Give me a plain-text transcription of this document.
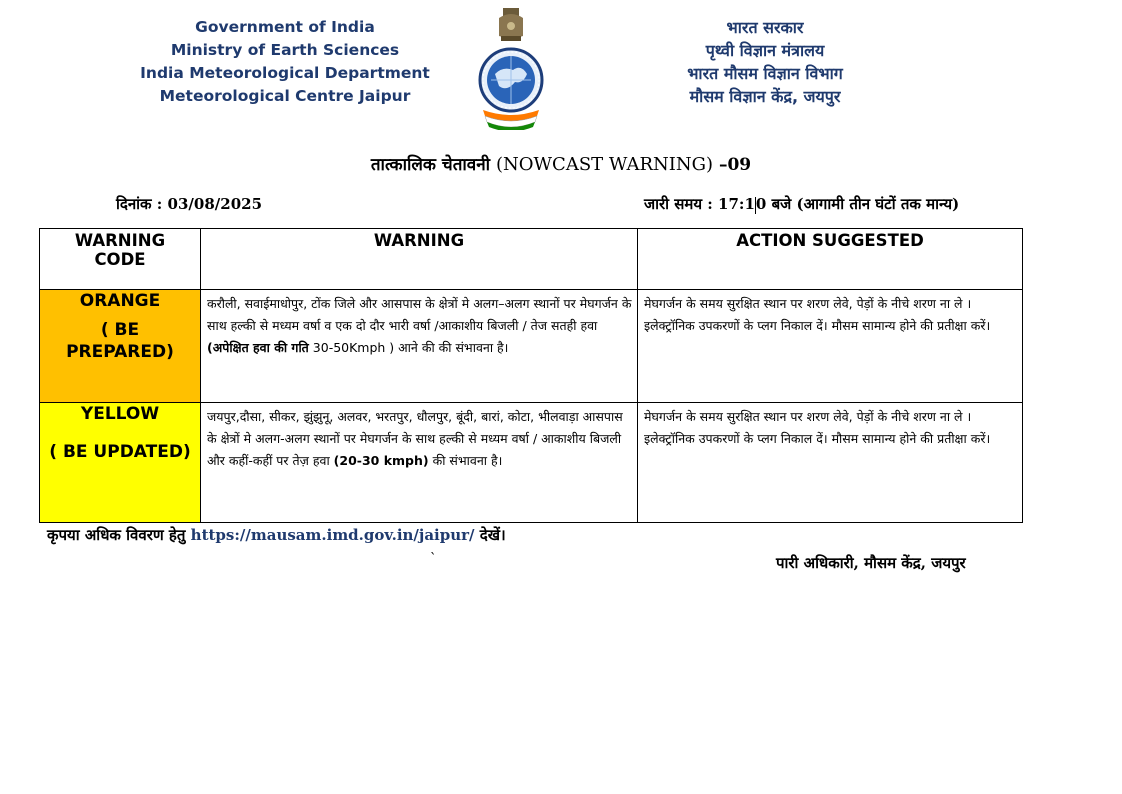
Government of India
Ministry of Earth Sciences
India Meteorological Department
Meteorological Centre Jaipur
भारत सरकार
पृथ्वी विज्ञान मंत्रालय
भारत मौसम विज्ञान विभाग
मौसम विज्ञान केंद्र, जयपुर
तात्कालिक चेतावनी (NOWCAST WARNING) –09
दिनांक : 03/08/2025	जारी समय : 17:10 बजे (आगामी तीन घंटों तक मान्य)
WARNING CODE	WARNING	ACTION SUGGESTED

ORANGE
( BE PREPARED)	करौली, सवाईमाधोपुर, टोंक जिले और आसपास के क्षेत्रों मे अलग–अलग स्थानों पर मेघगर्जन के साथ हल्की से मध्यम वर्षा व एक दो दौर भारी वर्षा /आकाशीय बिजली / तेज सतही हवा (अपेक्षित हवा की गति 30-50Kmph ) आने की की संभावना है।	मेघगर्जन के समय सुरक्षित स्थान पर शरण लेवे, पेड़ों के नीचे शरण ना ले । इलेक्ट्रॉनिक उपकरणों के प्लग निकाल दें। मौसम सामान्य होने की प्रतीक्षा करें।

YELLOW
( BE UPDATED)	जयपुर,दौसा, सीकर, झुंझुनू, अलवर, भरतपुर, धौलपुर, बूंदी, बारां, कोटा, भीलवाड़ा आसपास के क्षेत्रों मे अलग-अलग स्थानों पर मेघगर्जन के साथ हल्की से मध्यम वर्षा / आकाशीय बिजली और कहीं-कहीं पर तेज़ हवा (20-30 kmph) की संभावना है।	मेघगर्जन के समय सुरक्षित स्थान पर शरण लेवे, पेड़ों के नीचे शरण ना ले । इलेक्ट्रॉनिक उपकरणों के प्लग निकाल दें। मौसम सामान्य होने की प्रतीक्षा करें।
कृपया अधिक विवरण हेतु https://mausam.imd.gov.in/jaipur/ देखें।
`	पारी अधिकारी, मौसम केंद्र, जयपुर
